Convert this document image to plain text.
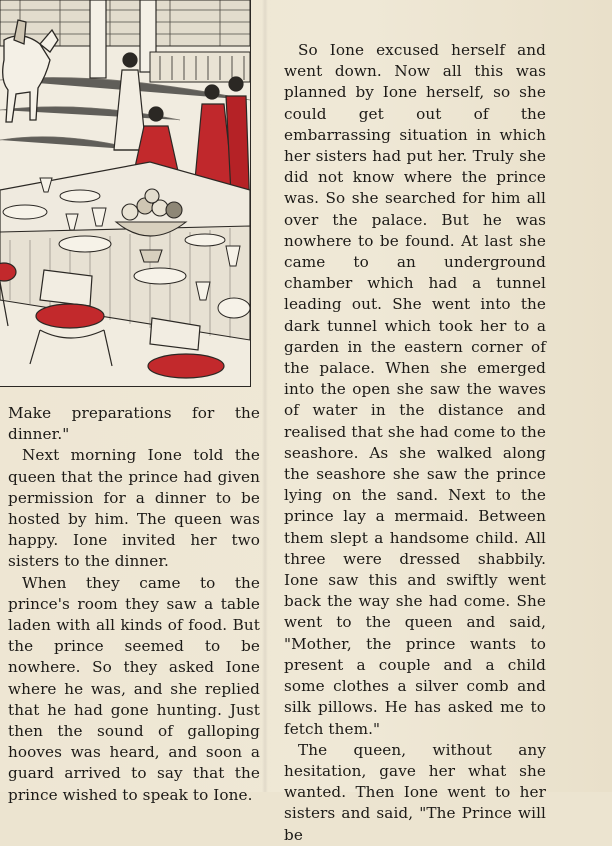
Make preparations for the dinner."

Next morning Ione told the queen that the prince had given permission for a dinner to be hosted by him. The queen was happy. Ione invited her two sisters to the dinner.

When they came to the prince's room they saw a table laden with all kinds of food. But the prince seemed to be nowhere. So they asked Ione where he was, and she replied that he had gone hunting. Just then the sound of galloping hooves was heard, and soon a guard arrived to say that the prince wished to speak to Ione.

So Ione excused herself and went down. Now all this was planned by Ione herself, so she could get out of the embarrassing situation in which her sisters had put her. Truly she did not know where the prince was. So she searched for him all over the palace. But he was nowhere to be found. At last she came to an underground chamber which had a tunnel leading out. She went into the dark tunnel which took her to a garden in the eastern corner of the palace. When she emerged into the open she saw the waves of water in the distance and realised that she had come to the seashore. As she walked along the seashore she saw the prince lying on the sand. Next to the prince lay a mermaid. Between them slept a handsome child. All three were dressed shabbily. Ione saw this and swiftly went back the way she had come. She went to the queen and said, "Mother, the prince wants to present a couple and a child some clothes a silver comb and silk pillows. He has asked me to fetch them."

The queen, without any hesitation, gave her what she wanted. Then Ione went to her sisters and said, "The Prince will be
